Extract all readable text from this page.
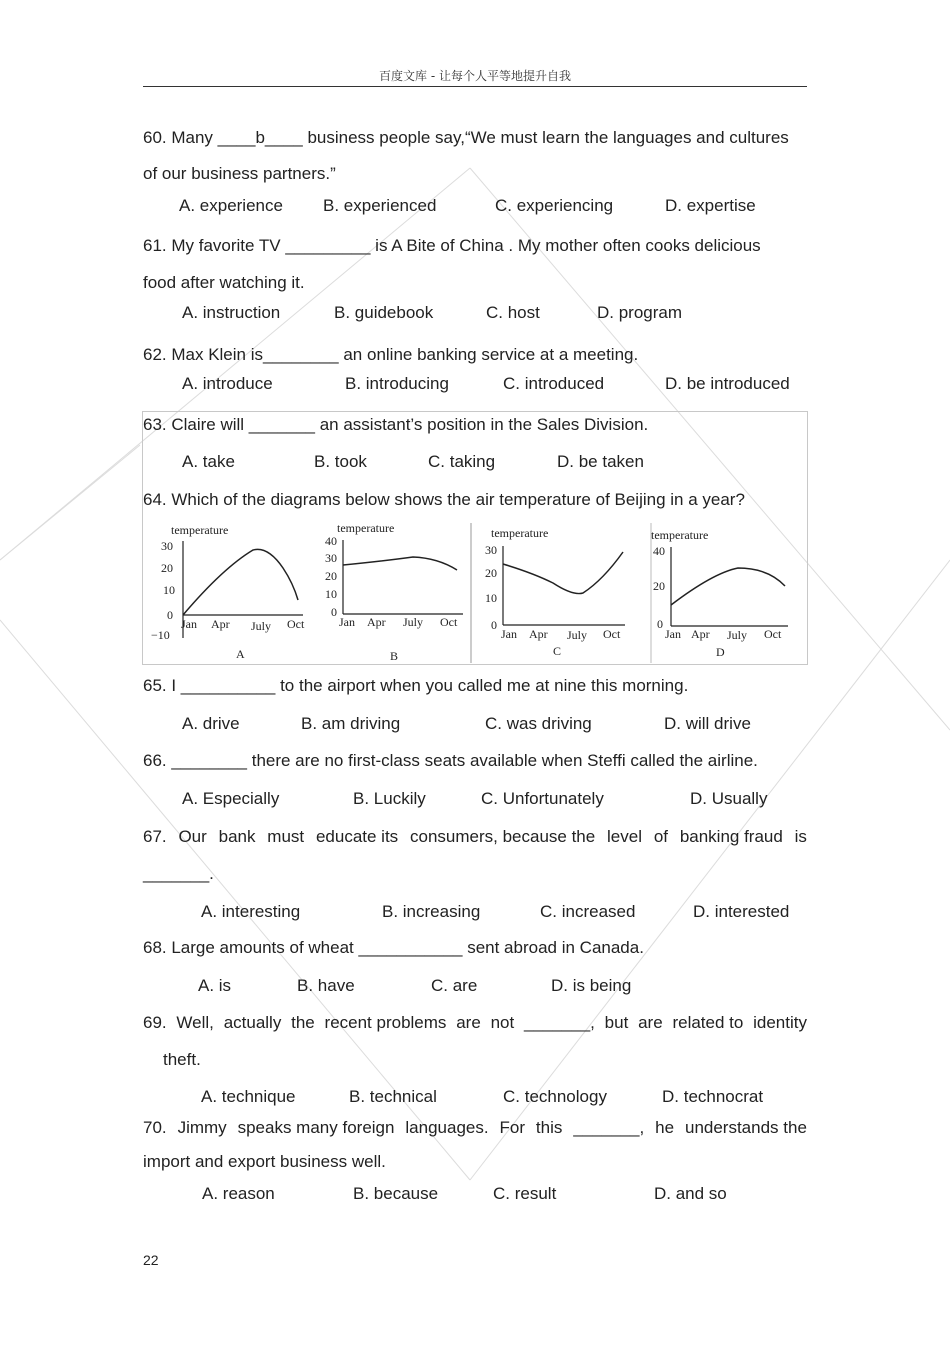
百度文库 - 让每个人平等地提升自我
60. Many ____b____ business people say,“We must learn the languages and cultures
of our business partners.”
A. experience B. experienced	C. experiencing	D. expertise
61. My favorite TV _________ is A Bite of China . My mother often cooks delicious
food after watching it.
A. instruction	B. guidebook	C. host	D. program
62. Max Klein is________ an online banking service at a meeting.
A. introduce	B. introducing	C. introduced	D. be introduced
63. Claire will _______ an assistant’s position in the Sales Division.
A. take	B. took	C. taking	D. be taken
64. Which of the diagrams below shows the air temperature of Beijing in a year?
temperature
30
20
10
0
−10
Jan Apr July Oct
A
temperature
40
30
20
10
0
Jan Apr July Oct
B
temperature
30
20
10
0
Jan Apr July Oct
C
temperature
40
20
0
Jan Apr July Oct
D
65. I __________ to the airport when you called me at nine this morning.
A. drive	B. am driving	C. was driving	D. will drive
66. ________ there are no first-class seats available when Steffi called the airline.
A. Especially	B. Luckily	C. Unfortunately	D. Usually
67. Our bank must educate its consumers, because the level of banking fraud is
_______.
A. interesting	B. increasing	C. increased	D. interested
68. Large amounts of wheat ___________ sent abroad in Canada.
A. is	B. have	C. are	D. is being
69. Well, actually the recent problems are not _______, but are related to identity
theft.
A. technique	B. technical	C. technology	D. technocrat
70. Jimmy speaks many foreign languages. For this _______, he understands the
import and export business well.
A. reason	B. because	C. result	D. and so
22
